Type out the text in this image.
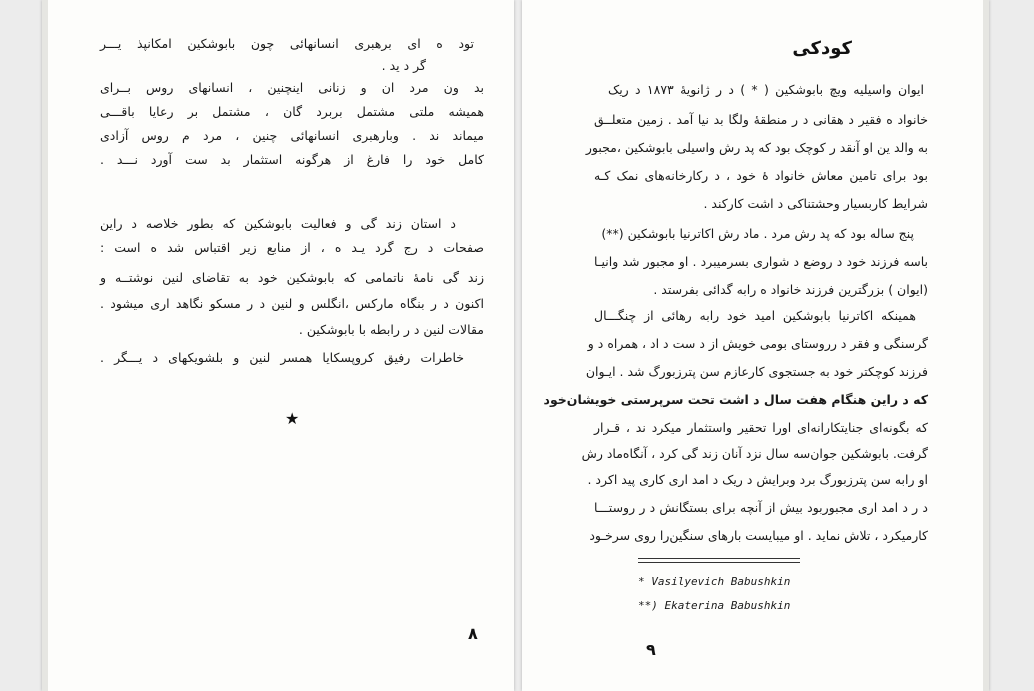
تود ه ای برهبری انسانهائی چون بابوشکین امکانپذ یـــر
گر د ید .
بد ون مرد ان و زنانی اینچنین ، انسانهای روس بــرای
همیشه ملتی مشتمل بربرد گان ، مشتمل بر رعایا باقـــی
میماند ند . وبارهبری انسانهائی چنین ، مرد م روس آزادی
کامل خود را فارغ از هرگونه استثمار بد ست آورد نـــد .
د استان زند گی و فعالیت بابوشکین که بطور خلاصه د راین
صفحات د رج گرد یـد ه ، از منابع زیر اقتباس شد ه است :
زند گی نامهٔ ناتمامی که بابوشکین خود به تقاضای لنین نوشتــه و
اکنون د ر بنگاه مارکس ،انگلس و لنین د ر مسکو نگاهد اری میشود .
مقالات لنین د ر رابطه با بابوشکین .
خاطرات رفیق کروپسکایا همسر لنین و بلشویکهای د یـــگر .
★
۸
کودکی
ایوان واسیلیه ویچ بابوشکین ( * ) د ر ژانویهٔ ۱۸۷۳ د ریک
خانواد ه فقیر د هقانی د ر منطقهٔ ولگا بد نیا آمد . زمین متعلــق
به والد ین او آنقد ر کوچک بود که پد رش واسیلی بابوشکین ،مجبور
بود برای تامین معاش خانواد هٔ خود ، د رکارخانه‌های نمک کـه
شرایط کاربسیار وحشتناکی د اشت کارکند .
پنج ساله بود که پد رش مرد . ماد رش اکاترنیا بابوشکین (**)
باسه فرزند خود د روضع د شواری بسرمیبرد . او مجبور شد وانیـا
(ایوان ) بزرگترین فرزند خانواد ه رابه گدائی بفرستد .
همینکه اکاترنیا بابوشکین امید خود رابه رهائی از چنگـــال
گرسنگی و فقر د رروستای بومی خویش از د ست د اد ، همراه د و
فرزند کوچکتر خود به جستجوی کارعازم سن پترزبورگ شد . ایـوان
که د راین هنگام هفت سال د اشت تحت سرپرستی خویشان‌خود
که بگونه‌ای جنایتکارانه‌ای اورا تحقیر واستثمار میکرد ند ، قـرار
گرفت. بابوشکین جوان‌سه سال نزد آنان زند گی کرد ، آنگاه‌ماد رش
او رابه سن پترزبورگ برد وبرایش د ریک د امد اری کاری پید اکرد .
د ر د امد اری مجبوربود بیش از آنچه برای بستگانش د ر روستـــا
کارمیکرد ، تلاش نماید . او میبایست بارهای سنگین‌را روی سرخـود
* Vasilyevich Babushkin
**) Ekaterina Babushkin
۹
